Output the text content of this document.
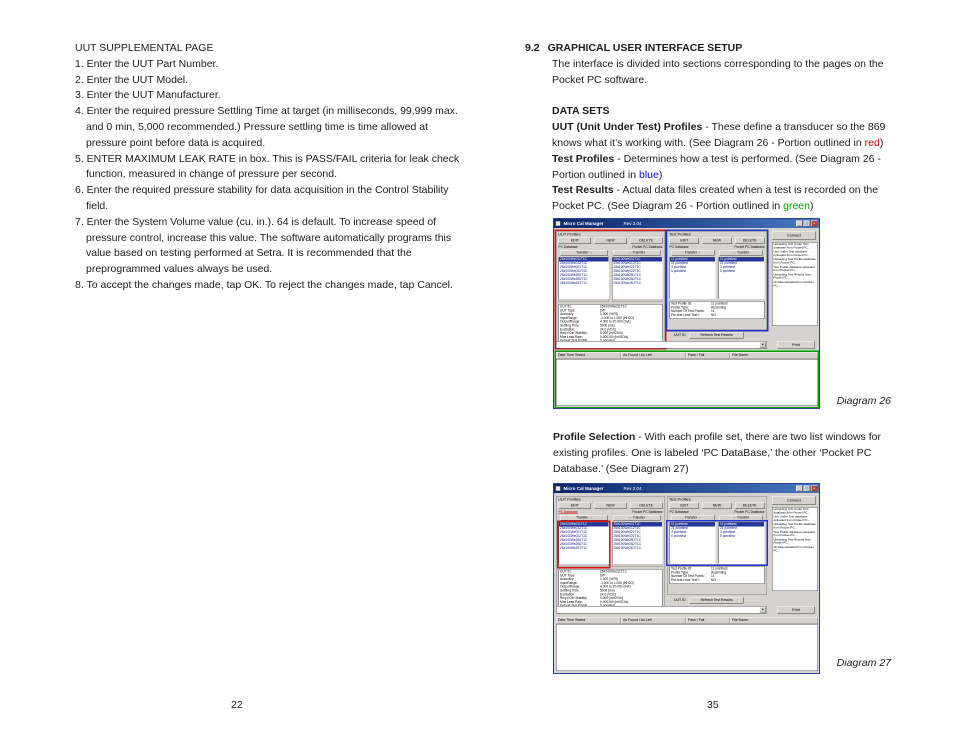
UUT SUPPLEMENTAL PAGE
1. Enter the UUT Part Number.
2. Enter the UUT Model.
3. Enter the UUT Manufacturer.
4. Enter the required pressure Settling Time at target (in milliseconds, 99,999 max. and 0 min, 5,000 recommended.) Pressure settling time is time allowed at pressure point before data is acquired.
5. ENTER MAXIMUM LEAK RATE in box. This is PASS/FAIL criteria for leak check function, measured in change of pressure per second.
6. Enter the required pressure stability for data acquisition in the Control Stability field.
7. Enter the System Volume value (cu. in.). 64 is default. To increase speed of pressure control, increase this value. The software automatically programs this value based on testing performed at Setra. It is recommended that the preprogrammed values always be used.
8. To accept the changes made, tap OK. To reject the changes made, tap Cancel.
9.2 GRAPHICAL USER INTERFACE SETUP

The interface is divided into sections corresponding to the pages on the Pocket PC software.

DATA SETS

UUT (Unit Under Test) Profiles - These define a transducer so the 869 knows what it’s working with. (See Diagram 26 - Portion outlined in red)

Test Profiles - Determines how a test is performed. (See Diagram 26 - Portion outlined in blue)

Test Results - Actual data files created when a test is recorded on the Pocket PC. (See Diagram 26 - Portion outlined in green)

Micro Cal Manager Rev 2.04	_ □ ×
UUT Profiles
EDIT	NEW	DELETE
PC Database	Pocket PC Database
Transfer →	← Transfer
25#100We011T1C
25#100We012T1C
25#100We021T1C
25#100We022T1C
25#100We2B1T1C
25#100We2B2T1C
25#100We2E2T1C
25#100We011T1C
25#100We012T1C
25#100We021T1C
25#100We022T1C
25#100We2B1T1C
25#100We2B2T1C
25#100We2E2T1C
UUT ID:	25#100We011T1C
UUT Type:	D/P
Accuracy:	1.000 (%FS)
InputRange:	-1.000 to 1.000 (inH2O)
OutputRange:	4.000 to 20.000 (mA)
Settling Time:	5000 (ms)
Excitation:	24.0 (VDC)
Req'd Ctrl Stability:	0.000 (inH2O/s)
Max Leak Rate:	0.000100 (inH2O/s)
Test Profiles
EDIT	NEW	DELETE
PC Database	Pocket PC Database
Transfer →	← Transfer
11 pointtest
21 pointtest
3 pointtest
5 pointtest
11 pointtest
21 pointtest
3 pointtest
5 pointtest
Test Profile ID:	11 pointtest
Profile Type:	Ascending
Number Of Test Points: 11
Pre-test Leak Test?:	NO
Connect
Uploading Unit Under Test database from Pocket PC...
Unit Under Test database uploaded from Pocket PC...
Uploading Test Profile database from Pocket PC...
Test Profile database uploaded from Pocket PC...
Uploading Test Results from Pocket PC...
All data uploaded from Pocket PC...
UUT ID	Refresh Test Results
▼	Print
Date Time Tested	As Found / As Left	Pass / Fail	File Name
Diagram 26

Profile Selection - With each profile set, there are two list windows for existing profiles. One is labeled ‘PC DataBase,’ the other ‘Pocket PC Database.’ (See Diagram 27)

Micro Cal Manager Rev 2.04	_ □ ×
UUT Profiles
EDIT	NEW	DELETE
PC Database	Pocket PC Database
Transfer →	← Transfer
25#100We011T1C
25#100We012T1C
25#100We021T1C
25#100We022T1C
25#100We2B1T1C
25#100We2B2T1C
25#100We2E2T1C
25#100We011T1C
25#100We012T1C
25#100We021T1C
25#100We022T1C
25#100We2B1T1C
25#100We2B2T1C
25#100We2E2T1C
UUT ID:	25#100We011T1C
UUT Type:	D/P
Accuracy:	1.000 (%FS)
InputRange:	-1.000 to 1.000 (inH2O)
OutputRange:	4.000 to 20.000 (mA)
Settling Time:	5000 (ms)
Excitation:	24.0 (VDC)
Req'd Ctrl Stability:	0.000 (inH2O/s)
Max Leak Rate:	0.000100 (inH2O/s)
Test Profiles
EDIT	NEW	DELETE
PC Database	Pocket PC Database
Transfer →	← Transfer
11 pointtest
21 pointtest
3 pointtest
5 pointtest
11 pointtest
21 pointtest
3 pointtest
5 pointtest
Test Profile ID:	11 pointtest
Profile Type:	Ascending
Number Of Test Points: 11
Pre-test Leak Test?:	NO
Connect
Uploading Unit Under Test database from Pocket PC...
Unit Under Test database uploaded from Pocket PC...
Uploading Test Profile database from Pocket PC...
Test Profile database uploaded from Pocket PC...
Uploading Test Results from Pocket PC...
All data uploaded from Pocket PC...
UUT ID	Refresh Test Results
▼	Print
Date Time Tested	As Found / As Left	Pass / Fail	File Name
Diagram 27
22	35
